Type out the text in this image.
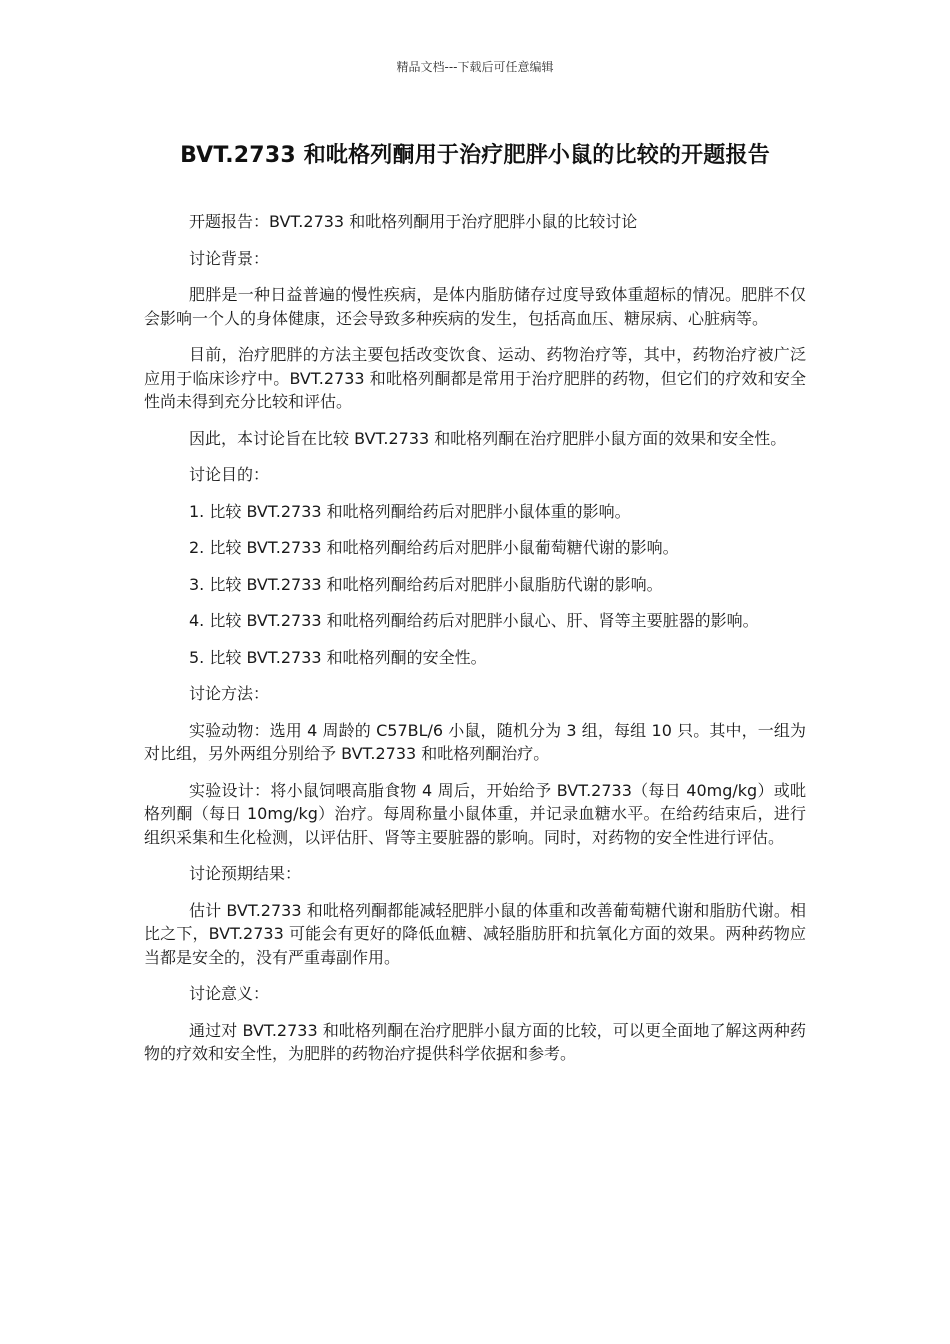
精品文档---下载后可任意编辑
BVT.2733 和吡格列酮用于治疗肥胖小鼠的比较的开题报告

开题报告：BVT.2733 和吡格列酮用于治疗肥胖小鼠的比较讨论

讨论背景：

肥胖是一种日益普遍的慢性疾病，是体内脂肪储存过度导致体重超标的情况。肥胖不仅会影响一个人的身体健康，还会导致多种疾病的发生，包括高血压、糖尿病、心脏病等。

目前，治疗肥胖的方法主要包括改变饮食、运动、药物治疗等，其中，药物治疗被广泛应用于临床诊疗中。BVT.2733 和吡格列酮都是常用于治疗肥胖的药物，但它们的疗效和安全性尚未得到充分比较和评估。

因此，本讨论旨在比较 BVT.2733 和吡格列酮在治疗肥胖小鼠方面的效果和安全性。

讨论目的：

1. 比较 BVT.2733 和吡格列酮给药后对肥胖小鼠体重的影响。

2. 比较 BVT.2733 和吡格列酮给药后对肥胖小鼠葡萄糖代谢的影响。

3. 比较 BVT.2733 和吡格列酮给药后对肥胖小鼠脂肪代谢的影响。

4. 比较 BVT.2733 和吡格列酮给药后对肥胖小鼠心、肝、肾等主要脏器的影响。

5. 比较 BVT.2733 和吡格列酮的安全性。

讨论方法：

实验动物：选用 4 周龄的 C57BL/6 小鼠，随机分为 3 组，每组 10 只。其中，一组为对比组，另外两组分别给予 BVT.2733 和吡格列酮治疗。

实验设计：将小鼠饲喂高脂食物 4 周后，开始给予 BVT.2733（每日 40mg/kg）或吡格列酮（每日 10mg/kg）治疗。每周称量小鼠体重，并记录血糖水平。在给药结束后，进行组织采集和生化检测，以评估肝、肾等主要脏器的影响。同时，对药物的安全性进行评估。

讨论预期结果：

估计 BVT.2733 和吡格列酮都能减轻肥胖小鼠的体重和改善葡萄糖代谢和脂肪代谢。相比之下，BVT.2733 可能会有更好的降低血糖、减轻脂肪肝和抗氧化方面的效果。两种药物应当都是安全的，没有严重毒副作用。

讨论意义：

通过对 BVT.2733 和吡格列酮在治疗肥胖小鼠方面的比较，可以更全面地了解这两种药物的疗效和安全性，为肥胖的药物治疗提供科学依据和参考。
